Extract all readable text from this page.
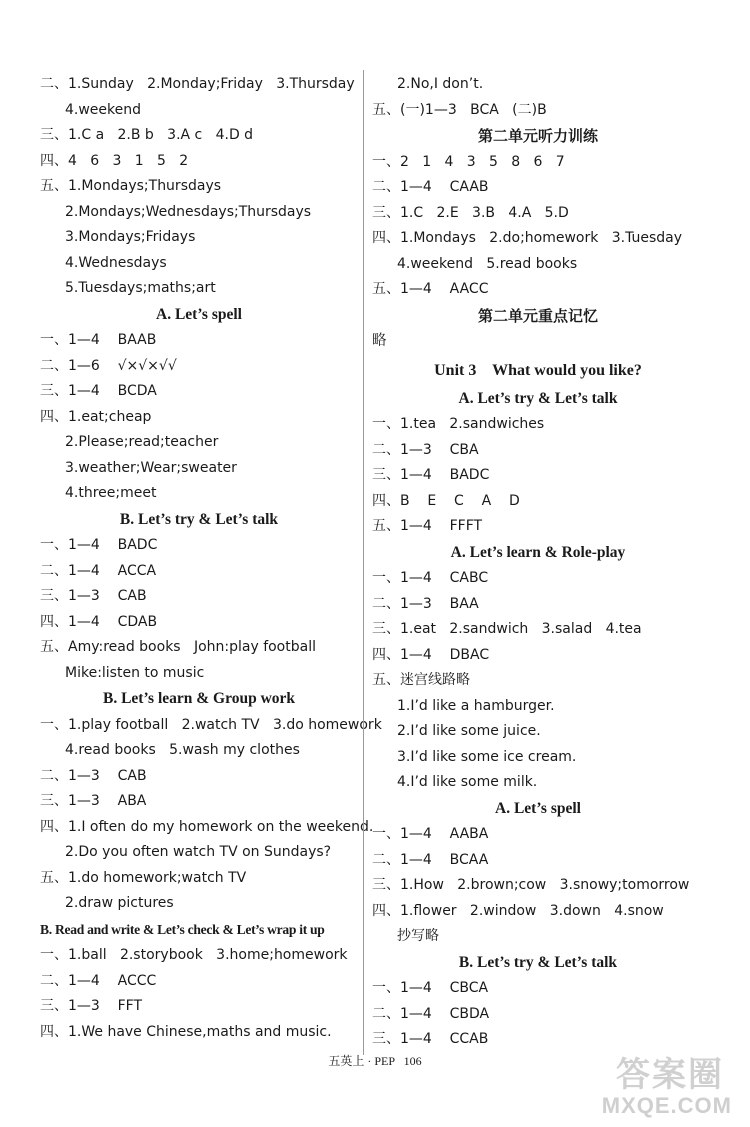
二、1.Sunday   2.Monday;Friday   3.Thursday
4.weekend
三、1.C a   2.B b   3.A c   4.D d
四、4   6   3   1   5   2
五、1.Mondays;Thursdays
2.Mondays;Wednesdays;Thursdays
3.Mondays;Fridays
4.Wednesdays
5.Tuesdays;maths;art
A. Let’s spell
一、1—4    BAAB
二、1—6    √×√×√√
三、1—4    BCDA
四、1.eat;cheap
2.Please;read;teacher
3.weather;Wear;sweater
4.three;meet
B. Let’s try & Let’s talk
一、1—4    BADC
二、1—4    ACCA
三、1—3    CAB
四、1—4    CDAB
五、Amy:read books   John:play football
Mike:listen to music
B. Let’s learn & Group work
一、1.play football   2.watch TV   3.do homework
4.read books   5.wash my clothes
二、1—3    CAB
三、1—3    ABA
四、1.I often do my homework on the weekend.
2.Do you often watch TV on Sundays?
五、1.do homework;watch TV
2.draw pictures
B. Read and write & Let’s check & Let’s wrap it up
一、1.ball   2.storybook   3.home;homework
二、1—4    ACCC
三、1—3    FFT
四、1.We have Chinese,maths and music.
2.No,I don’t.
五、(一)1—3   BCA   (二)B
第二单元听力训练
一、2   1   4   3   5   8   6   7
二、1—4    CAAB
三、1.C   2.E   3.B   4.A   5.D
四、1.Mondays   2.do;homework   3.Tuesday
4.weekend   5.read books
五、1—4    AACC
第二单元重点记忆
略
Unit 3    What would you like?
A. Let’s try & Let’s talk
一、1.tea   2.sandwiches
二、1—3    CBA
三、1—4    BADC
四、B    E    C    A    D
五、1—4    FFFT
A. Let’s learn & Role-play
一、1—4    CABC
二、1—3    BAA
三、1.eat   2.sandwich   3.salad   4.tea
四、1—4    DBAC
五、迷宫线路略
1.I’d like a hamburger.
2.I’d like some juice.
3.I’d like some ice cream.
4.I’d like some milk.
A. Let’s spell
一、1—4    AABA
二、1—4    BCAA
三、1.How   2.brown;cow   3.snowy;tomorrow
四、1.flower   2.window   3.down   4.snow
抄写略
B. Let’s try & Let’s talk
一、1—4    CBCA
二、1—4    CBDA
三、1—4    CCAB
五英上 · PEP 106	答案圈
MXQE.COM
